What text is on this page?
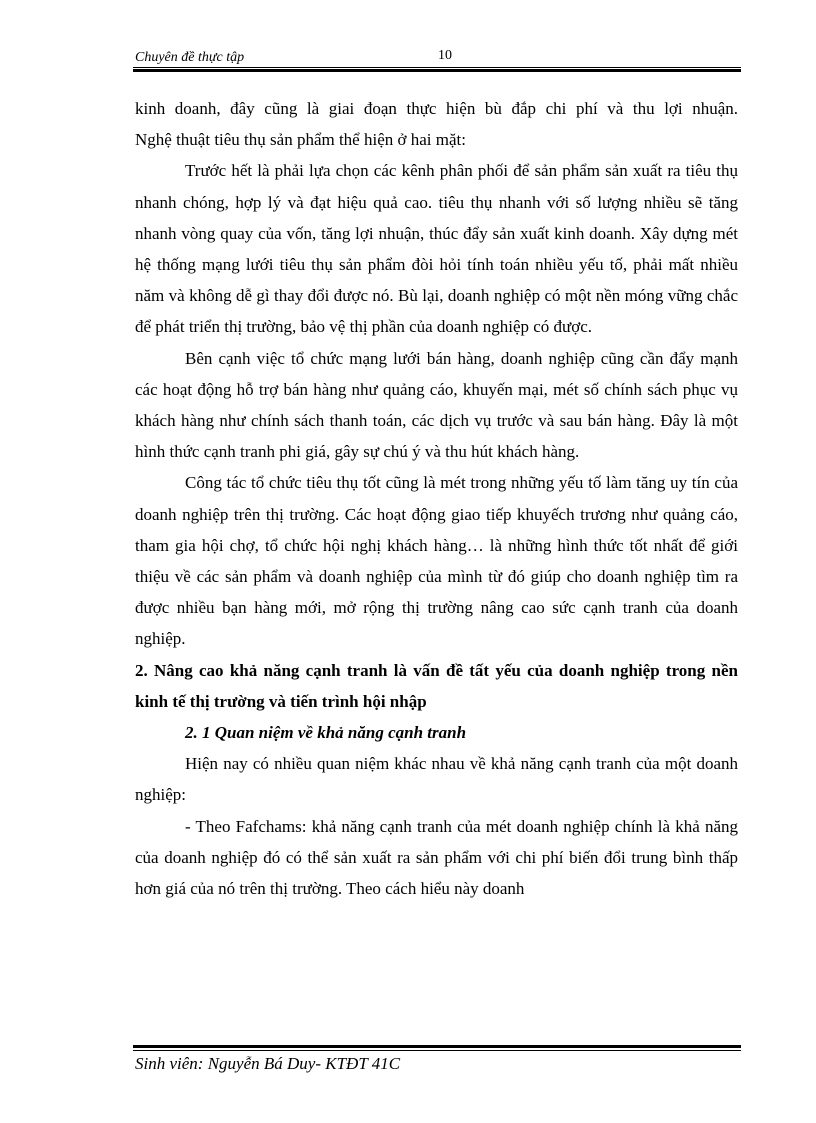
Chuyên đề thực tập	10

kinh doanh, đây cũng là giai đoạn thực hiện bù đắp chi phí và thu lợi nhuận.
Nghệ thuật tiêu thụ sản phẩm thể hiện ở hai mặt:

Trước hết là phải lựa chọn các kênh phân phối để sản phẩm sản xuất ra tiêu thụ nhanh chóng, hợp lý và đạt hiệu quả cao. tiêu thụ nhanh với số lượng nhiều sẽ tăng nhanh vòng quay của vốn, tăng lợi nhuận, thúc đẩy sản xuất kinh doanh. Xây dựng mét hệ thống mạng lưới tiêu thụ sản phẩm đòi hỏi tính toán nhiều yếu tố, phải mất nhiều năm và không dễ gì thay đổi được nó. Bù lại, doanh nghiệp có một nền móng vững chắc để phát triển thị trường, bảo vệ thị phần của doanh nghiệp có được.

Bên cạnh việc tổ chức mạng lưới bán hàng, doanh nghiệp cũng cần đẩy mạnh các hoạt động hỗ trợ bán hàng như quảng cáo, khuyến mại, mét số chính sách phục vụ khách hàng như chính sách thanh toán, các dịch vụ trước và sau bán hàng. Đây là một hình thức cạnh tranh phi giá, gây sự chú ý và thu hút khách hàng.

Công tác tổ chức tiêu thụ tốt cũng là mét trong những yếu tố làm tăng uy tín của doanh nghiệp trên thị trường. Các hoạt động giao tiếp khuyếch trương như quảng cáo, tham gia hội chợ, tổ chức hội nghị khách hàng… là những hình thức tốt nhất để giới thiệu về các sản phẩm và doanh nghiệp của mình từ đó giúp cho doanh nghiệp tìm ra được nhiều bạn hàng mới, mở rộng thị trường nâng cao sức cạnh tranh của doanh nghiệp.

2. Nâng cao khả năng cạnh tranh là vấn đề tất yếu của doanh nghiệp trong nền kinh tế thị trường và tiến trình hội nhập

2. 1 Quan niệm về khả năng cạnh tranh

Hiện nay có nhiều quan niệm khác nhau về khả năng cạnh tranh của một doanh nghiệp:

- Theo Fafchams: khả năng cạnh tranh của mét doanh nghiệp chính là khả năng của doanh nghiệp đó có thể sản xuất ra sản phẩm với chi phí biến đổi trung bình thấp hơn giá của nó trên thị trường. Theo cách hiểu này doanh

Sinh viên: Nguyễn Bá Duy- KTĐT 41C
